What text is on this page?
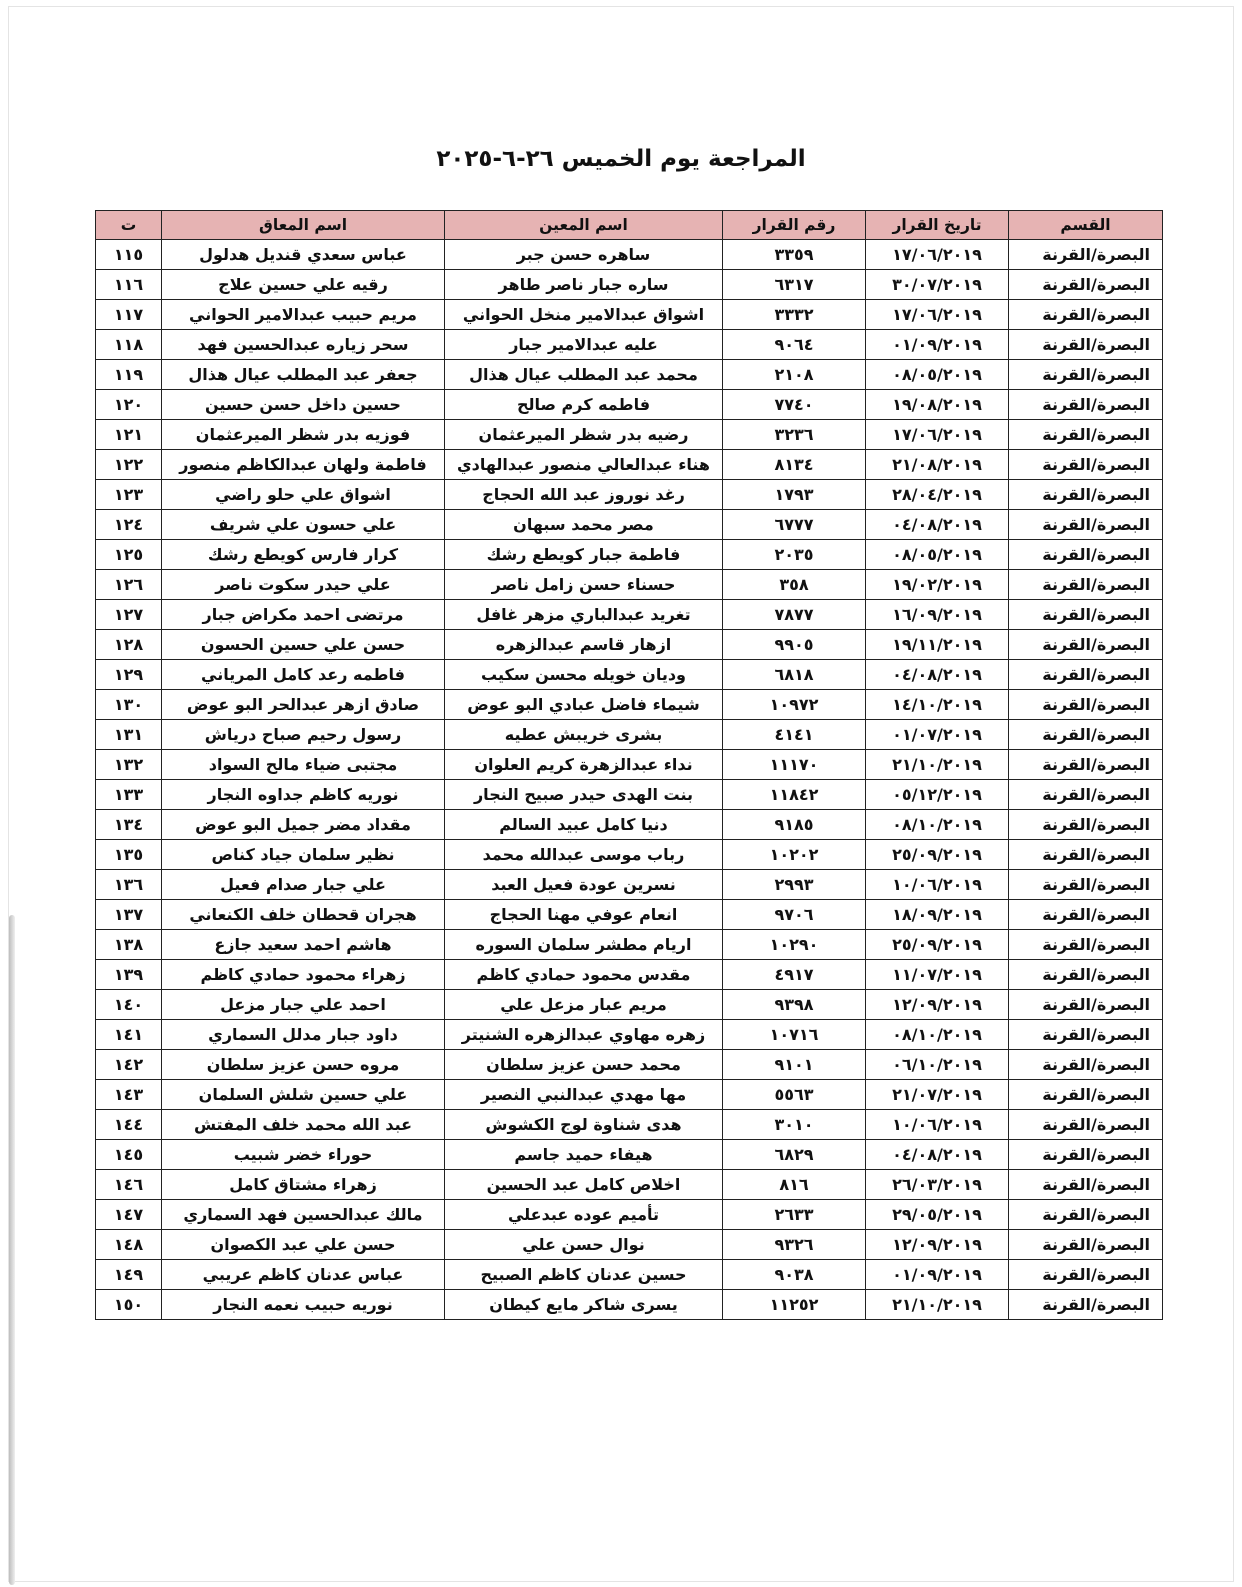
المراجعة يوم الخميس ٢٦-٦-٢٠٢٥
القسم	تاريخ القرار	رقم القرار	اسم المعين	اسم المعاق	ت
البصرة/القرنة	١٧/٠٦/٢٠١٩	٣٣٥٩	ساهره حسن جبر	عباس سعدي قنديل هدلول	١١٥
البصرة/القرنة	٣٠/٠٧/٢٠١٩	٦٣١٧	ساره جبار ناصر طاهر	رقيه علي حسين علاج	١١٦
البصرة/القرنة	١٧/٠٦/٢٠١٩	٣٣٣٢	اشواق عبدالامير منخل الحواني	مريم حبيب عبدالامير الحواني	١١٧
البصرة/القرنة	٠١/٠٩/٢٠١٩	٩٠٦٤	عليه عبدالامير جبار	سحر زياره عبدالحسين فهد	١١٨
البصرة/القرنة	٠٨/٠٥/٢٠١٩	٢١٠٨	محمد عبد المطلب عيال هذال	جعفر عبد المطلب عيال هذال	١١٩
البصرة/القرنة	١٩/٠٨/٢٠١٩	٧٧٤٠	فاطمه كرم صالح	حسين داخل حسن حسين	١٢٠
البصرة/القرنة	١٧/٠٦/٢٠١٩	٣٢٣٦	رضيه بدر شظر الميرعثمان	فوزيه بدر شظر الميرعثمان	١٢١
البصرة/القرنة	٢١/٠٨/٢٠١٩	٨١٣٤	هناء عبدالعالي منصور عبدالهادي	فاطمة ولهان عبدالكاظم منصور	١٢٢
البصرة/القرنة	٢٨/٠٤/٢٠١٩	١٧٩٣	رغد نوروز عبد الله الحجاج	اشواق علي حلو راضي	١٢٣
البصرة/القرنة	٠٤/٠٨/٢٠١٩	٦٧٧٧	مصر محمد سبهان	علي حسون علي شريف	١٢٤
البصرة/القرنة	٠٨/٠٥/٢٠١٩	٢٠٣٥	فاطمة جبار كويطع رشك	كرار فارس كويطع رشك	١٢٥
البصرة/القرنة	١٩/٠٢/٢٠١٩	٣٥٨	حسناء حسن زامل ناصر	علي حيدر سكوت ناصر	١٢٦
البصرة/القرنة	١٦/٠٩/٢٠١٩	٧٨٧٧	تغريد عبدالباري مزهر غافل	مرتضى احمد مكراض جبار	١٢٧
البصرة/القرنة	١٩/١١/٢٠١٩	٩٩٠٥	ازهار قاسم عبدالزهره	حسن علي حسين الحسون	١٢٨
البصرة/القرنة	٠٤/٠٨/٢٠١٩	٦٨١٨	وديان خويله محسن سكيب	فاطمه رعد كامل المرياني	١٢٩
البصرة/القرنة	١٤/١٠/٢٠١٩	١٠٩٧٢	شيماء فاضل عبادي البو عوض	صادق ازهر عبدالحر البو عوض	١٣٠
البصرة/القرنة	٠١/٠٧/٢٠١٩	٤١٤١	بشرى خريبش عطيه	رسول رحيم صباح درياش	١٣١
البصرة/القرنة	٢١/١٠/٢٠١٩	١١١٧٠	نداء عبدالزهرة كريم العلوان	مجتبى ضياء مالح السواد	١٣٢
البصرة/القرنة	٠٥/١٢/٢٠١٩	١١٨٤٢	بنت الهدى حيدر صبيح النجار	نوريه كاظم جداوه النجار	١٣٣
البصرة/القرنة	٠٨/١٠/٢٠١٩	٩١٨٥	دنيا كامل عبيد السالم	مقداد مضر جميل البو عوض	١٣٤
البصرة/القرنة	٢٥/٠٩/٢٠١٩	١٠٢٠٢	رباب موسى عبدالله محمد	نظير سلمان جياد كناص	١٣٥
البصرة/القرنة	١٠/٠٦/٢٠١٩	٢٩٩٣	نسرين عودة فعيل العبد	علي جبار صدام فعيل	١٣٦
البصرة/القرنة	١٨/٠٩/٢٠١٩	٩٧٠٦	انعام عوفي مهنا الحجاج	هجران قحطان خلف الكنعاني	١٣٧
البصرة/القرنة	٢٥/٠٩/٢٠١٩	١٠٢٩٠	اريام مطشر سلمان السوره	هاشم احمد سعيد جازع	١٣٨
البصرة/القرنة	١١/٠٧/٢٠١٩	٤٩١٧	مقدس محمود حمادي كاظم	زهراء محمود حمادي كاظم	١٣٩
البصرة/القرنة	١٢/٠٩/٢٠١٩	٩٣٩٨	مريم عبار مزعل علي	احمد علي جبار مزعل	١٤٠
البصرة/القرنة	٠٨/١٠/٢٠١٩	١٠٧١٦	زهره مهاوي عبدالزهره الشنيتر	داود جبار مدلل السماري	١٤١
البصرة/القرنة	٠٦/١٠/٢٠١٩	٩١٠١	محمد حسن عزيز سلطان	مروه حسن عزيز سلطان	١٤٢
البصرة/القرنة	٢١/٠٧/٢٠١٩	٥٥٦٣	مها مهدي عبدالنبي النصير	علي حسين شلش السلمان	١٤٣
البصرة/القرنة	١٠/٠٦/٢٠١٩	٣٠١٠	هدى شناوة لوج الكشوش	عبد الله محمد خلف المفتش	١٤٤
البصرة/القرنة	٠٤/٠٨/٢٠١٩	٦٨٢٩	هيفاء حميد جاسم	حوراء خضر شبيب	١٤٥
البصرة/القرنة	٢٦/٠٣/٢٠١٩	٨١٦	اخلاص كامل عبد الحسين	زهراء مشتاق كامل	١٤٦
البصرة/القرنة	٢٩/٠٥/٢٠١٩	٢٦٣٣	تأميم عوده عبدعلي	مالك عبدالحسين فهد السماري	١٤٧
البصرة/القرنة	١٢/٠٩/٢٠١٩	٩٣٢٦	نوال حسن علي	حسن علي عبد الكصوان	١٤٨
البصرة/القرنة	٠١/٠٩/٢٠١٩	٩٠٣٨	حسين عدنان كاظم الصبيح	عباس عدنان كاظم عريبي	١٤٩
البصرة/القرنة	٢١/١٠/٢٠١٩	١١٢٥٢	يسرى شاكر مايع كيطان	نوريه حبيب نعمه النجار	١٥٠
